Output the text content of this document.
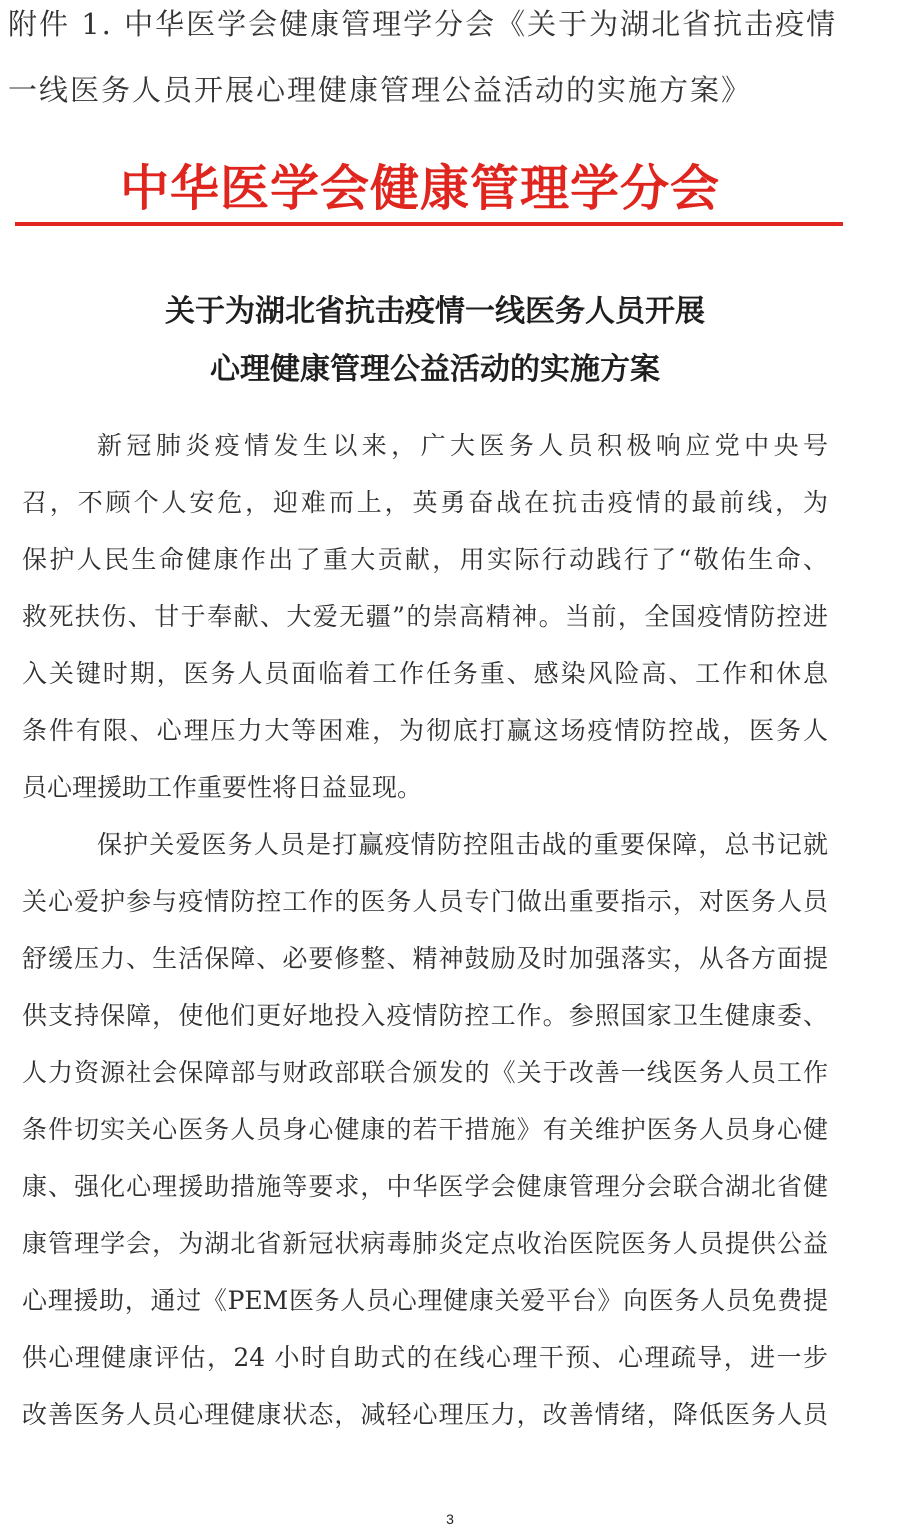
附件 1. 中华医学会健康管理学分会《关于为湖北省抗击疫情
一线医务人员开展心理健康管理公益活动的实施方案》
中华医学会健康管理学分会
关于为湖北省抗击疫情一线医务人员开展
心理健康管理公益活动的实施方案
新冠肺炎疫情发生以来，广大医务人员积极响应党中央号
召，不顾个人安危，迎难而上，英勇奋战在抗击疫情的最前线，为
保护人民生命健康作出了重大贡献，用实际行动践行了“敬佑生命、
救死扶伤、甘于奉献、大爱无疆”的崇高精神。当前，全国疫情防控进
入关键时期，医务人员面临着工作任务重、感染风险高、工作和休息
条件有限、心理压力大等困难，为彻底打赢这场疫情防控战，医务人
员心理援助工作重要性将日益显现。
保护关爱医务人员是打赢疫情防控阻击战的重要保障，总书记就
关心爱护参与疫情防控工作的医务人员专门做出重要指示，对医务人员
舒缓压力、生活保障、必要修整、精神鼓励及时加强落实，从各方面提
供支持保障，使他们更好地投入疫情防控工作。参照国家卫生健康委、
人力资源社会保障部与财政部联合颁发的《关于改善一线医务人员工作
条件切实关心医务人员身心健康的若干措施》有关维护医务人员身心健
康、强化心理援助措施等要求，中华医学会健康管理分会联合湖北省健
康管理学会，为湖北省新冠状病毒肺炎定点收治医院医务人员提供公益
心理援助，通过《PEM医务人员心理健康关爱平台》向医务人员免费提
供心理健康评估，24 小时自助式的在线心理干预、心理疏导，进一步
改善医务人员心理健康状态，减轻心理压力，改善情绪，降低医务人员
3
